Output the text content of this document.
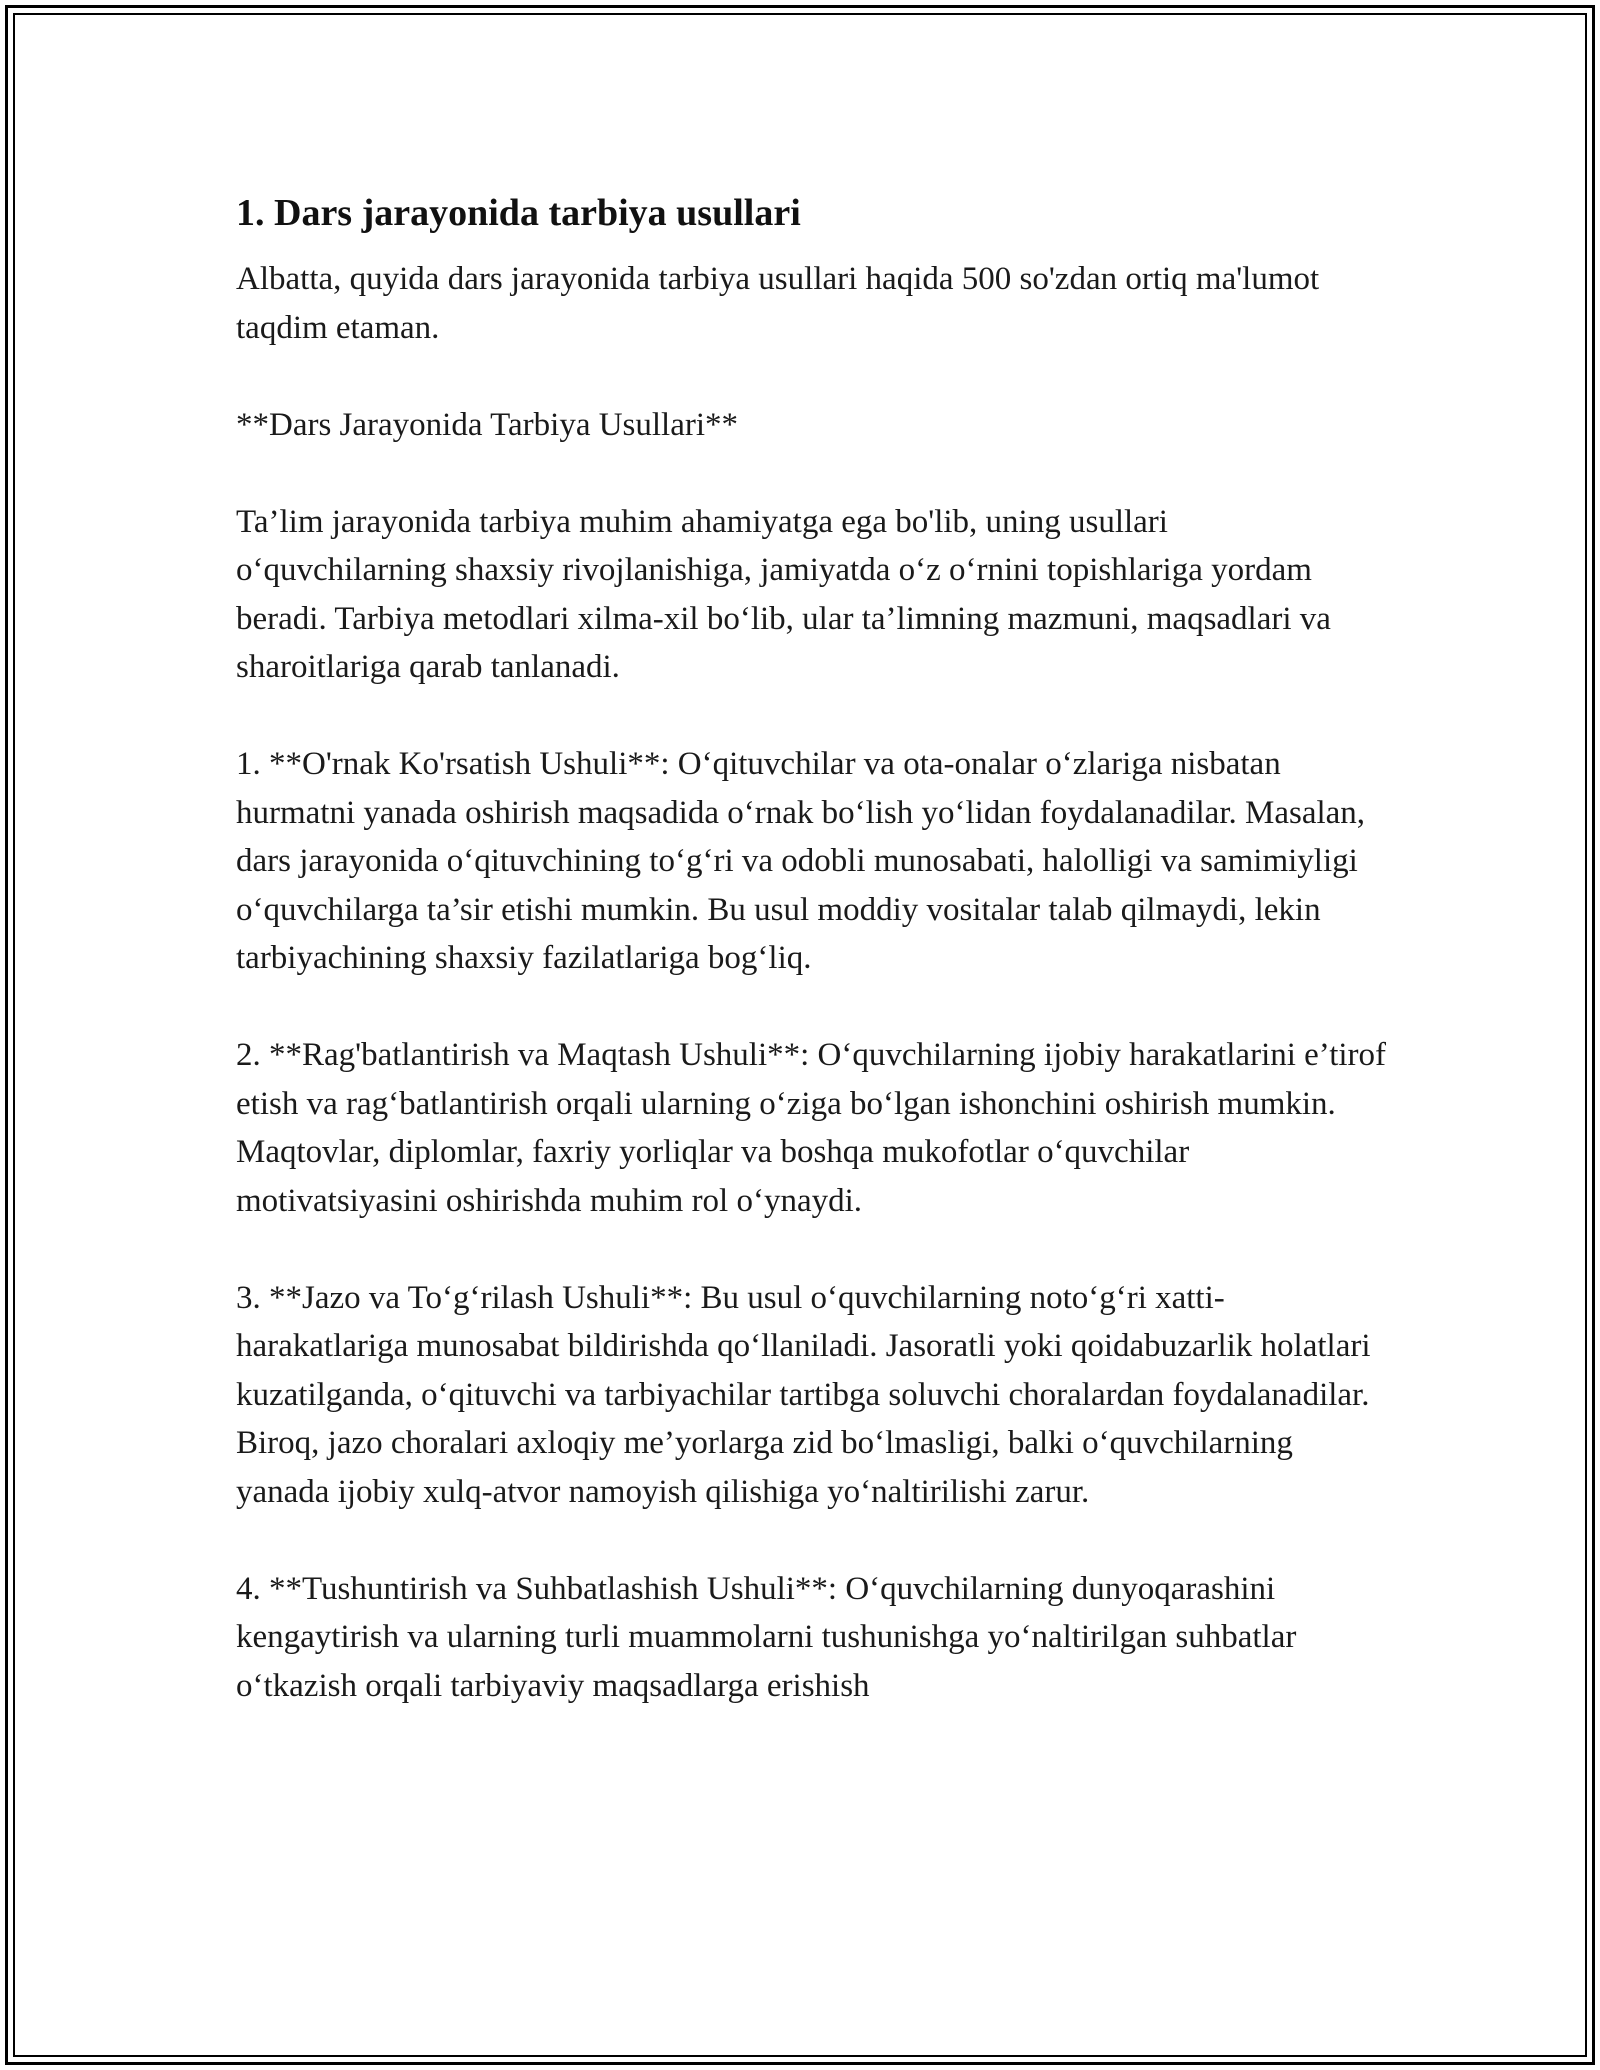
1. Dars jarayonida tarbiya usullari

Albatta, quyida dars jarayonida tarbiya usullari haqida 500 so'zdan ortiq ma'lumot taqdim etaman.

**Dars Jarayonida Tarbiya Usullari**

Ta’lim jarayonida tarbiya muhim ahamiyatga ega bo'lib, uning usullari o‘quvchilarning shaxsiy rivojlanishiga, jamiyatda o‘z o‘rnini topishlariga yordam beradi. Tarbiya metodlari xilma-xil bo‘lib, ular ta’limning mazmuni, maqsadlari va sharoitlariga qarab tanlanadi.

1. **O'rnak Ko'rsatish Ushuli**: O‘qituvchilar va ota-onalar o‘zlariga nisbatan hurmatni yanada oshirish maqsadida o‘rnak bo‘lish yo‘lidan foydalanadilar. Masalan, dars jarayonida o‘qituvchining to‘g‘ri va odobli munosabati, halolligi va samimiyligi o‘quvchilarga ta’sir etishi mumkin. Bu usul moddiy vositalar talab qilmaydi, lekin tarbiyachining shaxsiy fazilatlariga bog‘liq.

2. **Rag'batlantirish va Maqtash Ushuli**: O‘quvchilarning ijobiy harakatlarini e’tirof etish va rag‘batlantirish orqali ularning o‘ziga bo‘lgan ishonchini oshirish mumkin. Maqtovlar, diplomlar, faxriy yorliqlar va boshqa mukofotlar o‘quvchilar motivatsiyasini oshirishda muhim rol o‘ynaydi.

3. **Jazo va To‘g‘rilash Ushuli**: Bu usul o‘quvchilarning noto‘g‘ri xatti-harakatlariga munosabat bildirishda qo‘llaniladi. Jasoratli yoki qoidabuzarlik holatlari kuzatilganda, o‘qituvchi va tarbiyachilar tartibga soluvchi choralardan foydalanadilar. Biroq, jazo choralari axloqiy me’yorlarga zid bo‘lmasligi, balki o‘quvchilarning yanada ijobiy xulq-atvor namoyish qilishiga yo‘naltirilishi zarur.

4. **Tushuntirish va Suhbatlashish Ushuli**: O‘quvchilarning dunyoqarashini kengaytirish va ularning turli muammolarni tushunishga yo‘naltirilgan suhbatlar o‘tkazish orqali tarbiyaviy maqsadlarga erishish
